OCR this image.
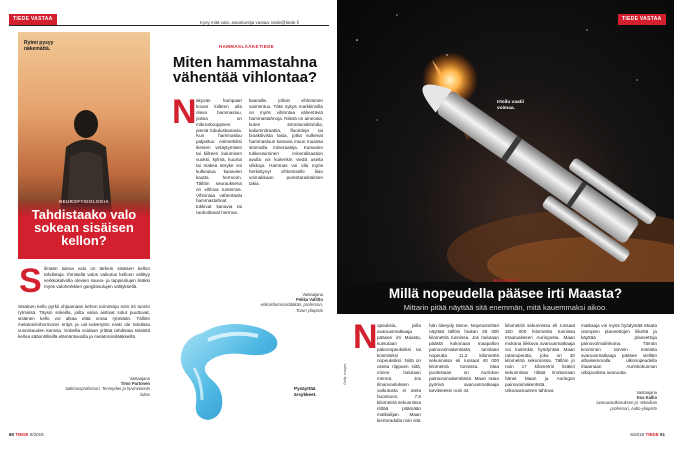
TIEDE VASTAA
Kysy mitä vain, asiantuntija vastaa: tiede@tiede.fi
Rytmi pysyy näkemättä.
NEUROFYSIOLOGIA
Tahdistaako valo sokean sisäisen kellon?
S ilmään tuleva valo on tärkein sisäisen kellon tahdistaja. Ihmisellä valon vaikutus kelloon välittyy verkkokalvolla olevien sauva- ja tappisolujen lisäksi myös valoherkkien gangliosolujen välityksellä.
Sisäinen kello pyrkii ohjaamaan kehon toimintoja noin 24 tunnin rytmissä. Täysin sokeilla, joilta valoa aistivat solut puuttuvat, sisäinen kello voi alkaa elää omaa rytmiään. Tällöin melatoniinihormonin eritys ja uni-valverytmi eivät ole tahdissa vuorokauden kanssa. Sokeilla voidaan yrittää tahdistaa sisäistä kelloa säännöllisillä elämäntavoilla ja melatoniinilääkkeillä.
Vastaajana
Timo Partonen
tutkimusprofessori, Terveyden ja hyvinvoinnin laitos
HAMMASLÄÄKETIEDE
Miten hammastahna vähentää vihlontaa?
N äkyvän hampaan kovan kiilteen alla oleva hammasluu, joissa on mikroskooppisen pieniä tubuluskanavia. Kun hammasluu paljastuu esimerkiksi ikenien vetäytymisen tai kiilteen kulumisen vuoksi, kylmä, kuuma tai makea ärsyke voi kulkeutua kanavien kautta hermoon. Tällöin seurauksena on vihlova tuntemus. Vihlontaa vähentävät hammastahnat tukkivat kanavia tai rauhoittavat hermoa.
kaanalle, jolloin vihlominen vaimentuu. Tätä nykyä markkinoilla on myös vihlontaa vähentäviä hammastahnoja. Niissä on aineosia, kuten strontiumikloridia, kaliumnitraattia, fluorideja tai bioaktiivista lasia, jotka sulkevat hammasluun kanavia muun muassa sitomalla mineraaleja. Kanavien tukkeutuminen mineralisaation avulla voi kuitenkin viedä useita viikkoja. Hammas voi olla myös herkistynyt vihlomiselle liian voimakkaan purentarasituksen takia.
Vastaajana
Pekka Vallittu
erikoishammaslääkäri, professori, Turun yliopisto
Pysäyttää ärsykkeet.
60 TIEDE 6/2018
Irtoilu vaatii voimaa.
TIEDE VASTAA
AVARUUS
Millä nopeudella pääsee irti Maasta?
Mittarin pitää näyttää sitä enemmän, mitä kauemmaksi aikoo.
Getty Images
N opeuksia, joilla avaruusmatkaaja pääsee irti Maasta, kutsutaan pakonopeuksiksi tai kosmisiksi nopeuksiksi. Niitä on useita riippuen siitä, minne halutaan mennä. Jos ilmanvastuksen vaikutusta ei oteta huomioon, 7,9 kilometriä sekunnissa riittää pitämään matkailijan Maan kiertoradalla noin sitä
hän lokeydy tänne. Nopeusmittari näyttää tällöin hiukan 28 000 kilometriä tunnissa. Jos halutaan päästä kokonaan maapallon painovoimakentästä, tarvitaan nopeutta 11,2 kilometriä sekunnissa eli runsaat 40 000 kilometriä tunnissa. Maa puolestaan on Aurinkon painovoimakentässä. Maan ratao pyörivä avaruusmatkaaja tarvitseekin noin 42
kilometriä sekunnissa eli runsaat 150 000 kilometriä tunnissa Irtautuakseen Auringosta. Maan mukana liikkuva avaruusmatkaaja voi kuitenkin hyödyntää Maan ratanopeutta, joka on 30 kilometriä sekunnissa. Tällöin jo noin 17 kilometrin lisäkiri sekunnissa riittää irrottamaan hänet Maan ja Auringon painovoimakentistä. Ulkoavaruuteen tahtova
matkaaja voi myös hyödyntää Maata ulompien planeettojen liikettä ja käyttää planeettoja painovoimalinkoina. Tämän koominen tarvein enteista avaruusmatkaaja pääsee vielläin alhaisemmalla ulkonopeudella irtaamaan Aurinkokunnan ulkopuolista avaruutta.
Vastaajana
Esa Kallio
avaruustutkimuksen ja -tekniikan professori, Aalto-yliopisto
6/2018 TIEDE 61
